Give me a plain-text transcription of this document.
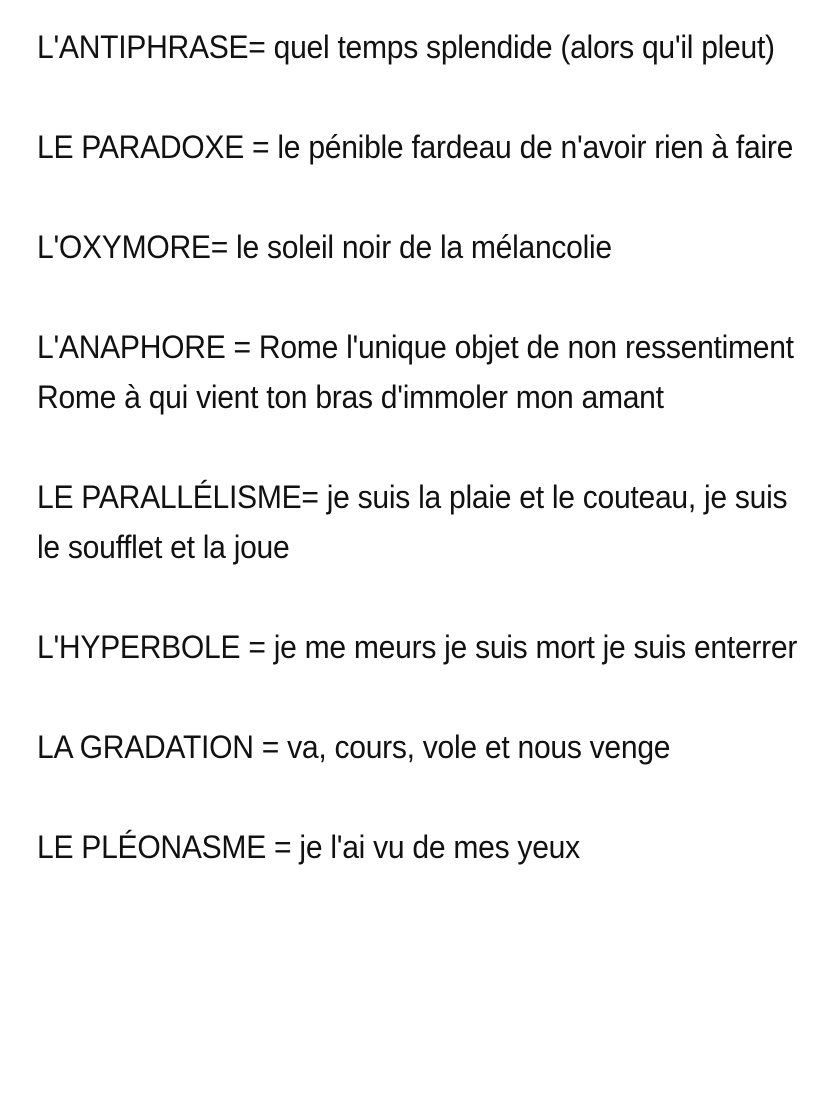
L'ANTIPHRASE= quel temps splendide (alors qu'il pleut)

LE PARADOXE = le pénible fardeau de n'avoir rien à faire

L'OXYMORE= le soleil noir de la mélancolie

L'ANAPHORE = Rome l'unique objet de non ressentiment Rome à qui vient ton bras d'immoler mon amant

LE PARALLÉLISME= je suis la plaie et le couteau, je suis le soufflet et la joue

L'HYPERBOLE = je me meurs je suis mort je suis enterrer

LA GRADATION = va, cours, vole et nous venge

LE PLÉONASME = je l'ai vu de mes yeux
